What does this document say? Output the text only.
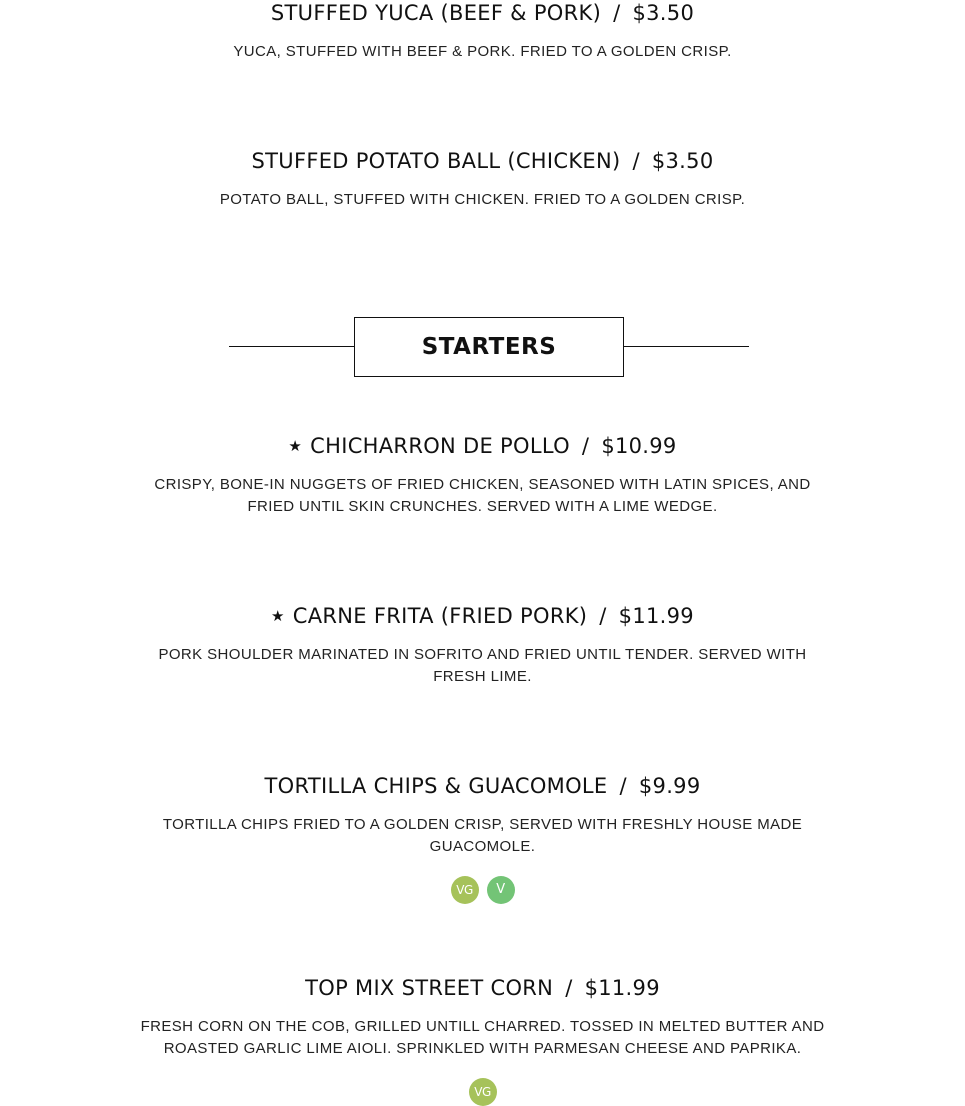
STUFFED YUCA (BEEF & PORK) / $3.50
YUCA, STUFFED WITH BEEF & PORK. FRIED TO A GOLDEN CRISP.
STUFFED POTATO BALL (CHICKEN) / $3.50
POTATO BALL, STUFFED WITH CHICKEN. FRIED TO A GOLDEN CRISP.
STARTERS
★ CHICHARRON DE POLLO / $10.99
CRISPY, BONE-IN NUGGETS OF FRIED CHICKEN, SEASONED WITH LATIN SPICES, AND FRIED UNTIL SKIN CRUNCHES. SERVED WITH A LIME WEDGE.
★ CARNE FRITA (FRIED PORK) / $11.99
PORK SHOULDER MARINATED IN SOFRITO AND FRIED UNTIL TENDER. SERVED WITH FRESH LIME.
TORTILLA CHIPS & GUACOMOLE / $9.99
TORTILLA CHIPS FRIED TO A GOLDEN CRISP, SERVED WITH FRESHLY HOUSE MADE GUACOMOLE.
VG	V
TOP MIX STREET CORN / $11.99
FRESH CORN ON THE COB, GRILLED UNTILL CHARRED. TOSSED IN MELTED BUTTER AND ROASTED GARLIC LIME AIOLI. SPRINKLED WITH PARMESAN CHEESE AND PAPRIKA.
VG
